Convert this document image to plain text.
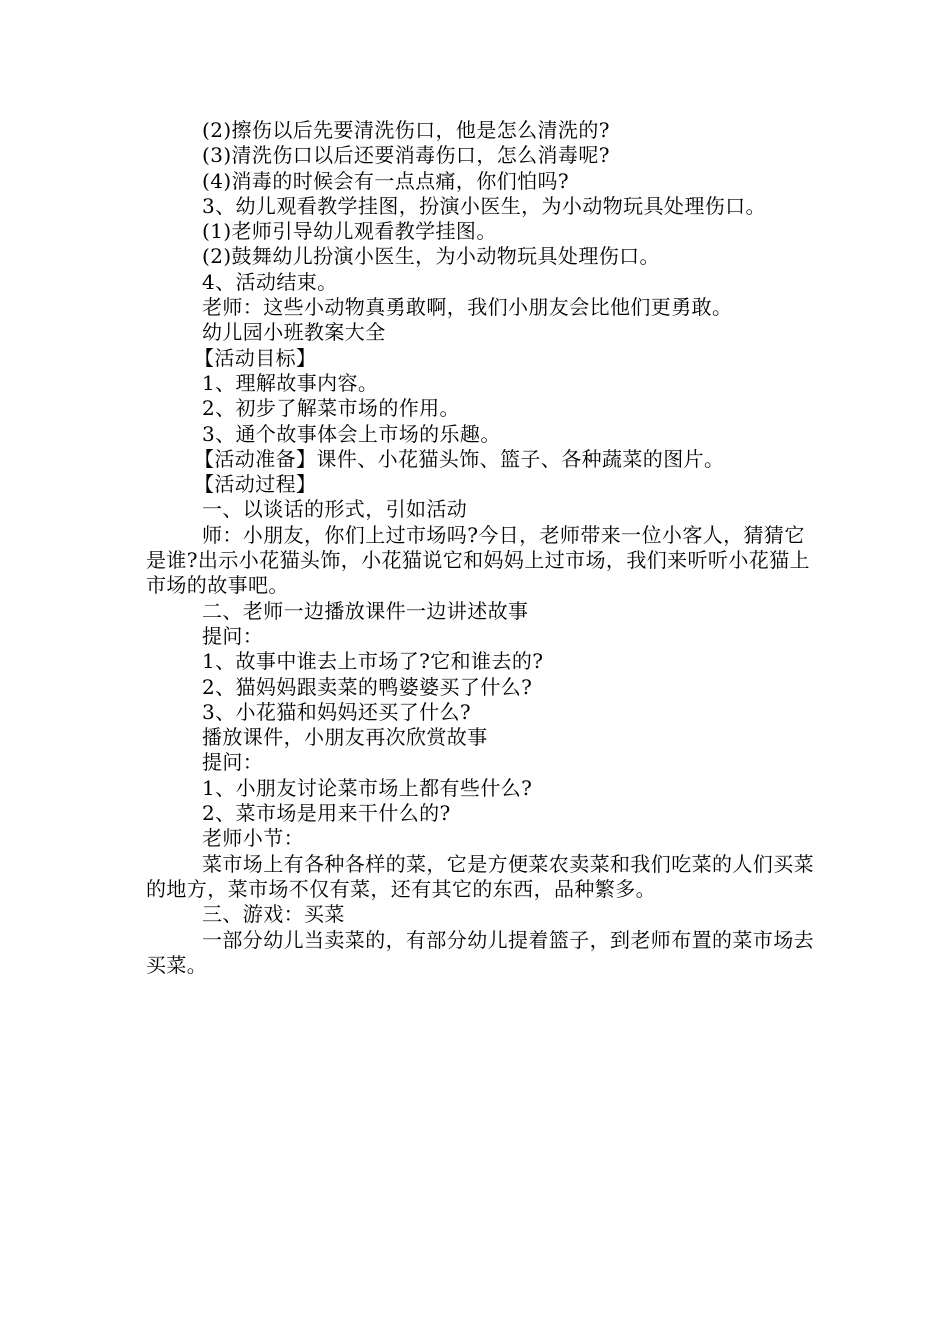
(2)擦伤以后先要清洗伤口，他是怎么清洗的?
(3)清洗伤口以后还要消毒伤口，怎么消毒呢?
(4)消毒的时候会有一点点痛，你们怕吗?
3、幼儿观看教学挂图，扮演小医生，为小动物玩具处理伤口。
(1)老师引导幼儿观看教学挂图。
(2)鼓舞幼儿扮演小医生，为小动物玩具处理伤口。
4、活动结束。
老师：这些小动物真勇敢啊，我们小朋友会比他们更勇敢。
幼儿园小班教案大全
【活动目标】
1、理解故事内容。
2、初步了解菜市场的作用。
3、通个故事体会上市场的乐趣。
【活动准备】课件、小花猫头饰、篮子、各种蔬菜的图片。
【活动过程】
一、以谈话的形式，引如活动
师：小朋友，你们上过市场吗?今日，老师带来一位小客人，猜猜它是谁?出示小花猫头饰，小花猫说它和妈妈上过市场，我们来听听小花猫上市场的故事吧。
二、老师一边播放课件一边讲述故事
提问：
1、故事中谁去上市场了?它和谁去的?
2、猫妈妈跟卖菜的鸭婆婆买了什么?
3、小花猫和妈妈还买了什么?
播放课件，小朋友再次欣赏故事
提问：
1、小朋友讨论菜市场上都有些什么?
2、菜市场是用来干什么的?
老师小节：
菜市场上有各种各样的菜，它是方便菜农卖菜和我们吃菜的人们买菜的地方，菜市场不仅有菜，还有其它的东西，品种繁多。
三、游戏：买菜
一部分幼儿当卖菜的，有部分幼儿提着篮子，到老师布置的菜市场去买菜。
